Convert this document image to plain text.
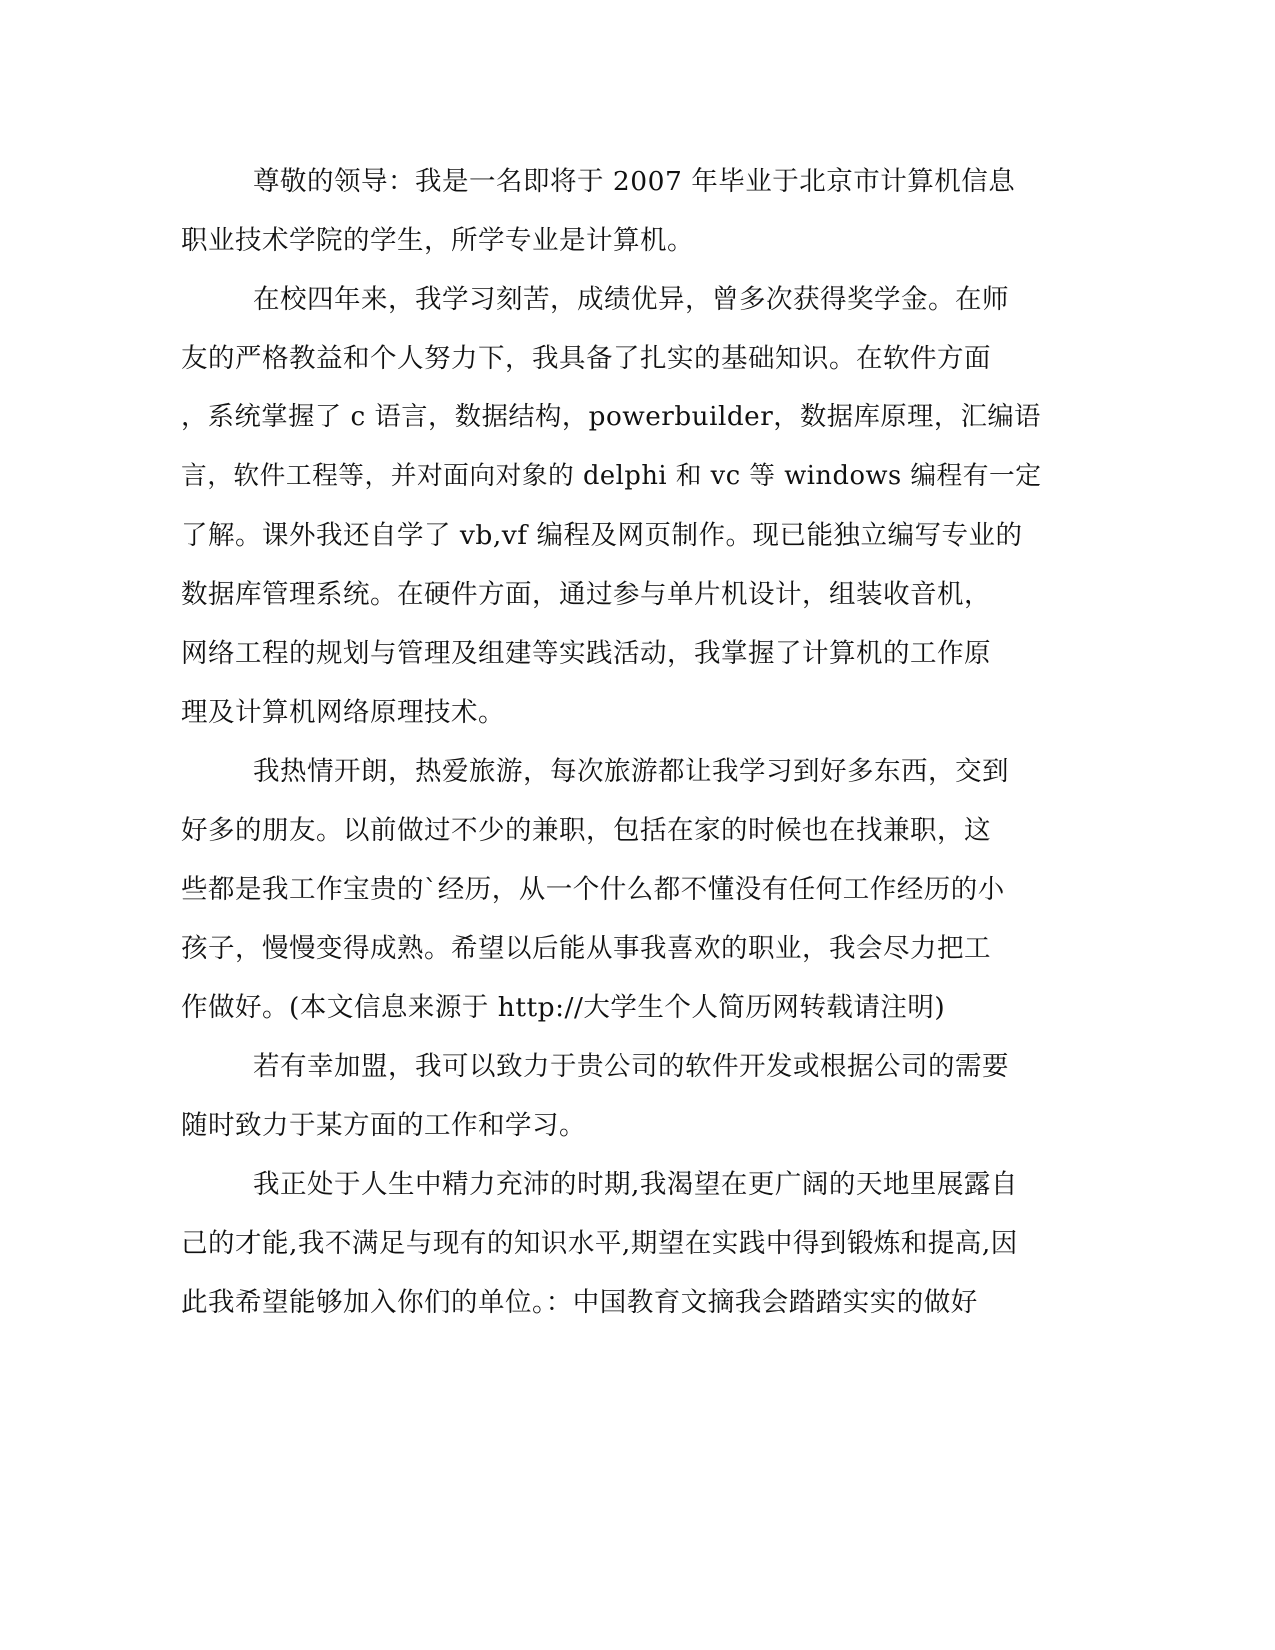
尊敬的领导：我是一名即将于 2007 年毕业于北京市计算机信息
职业技术学院的学生，所学专业是计算机。
在校四年来，我学习刻苦，成绩优异，曾多次获得奖学金。在师
友的严格教益和个人努力下，我具备了扎实的基础知识。在软件方面
，系统掌握了 c 语言，数据结构，powerbuilder，数据库原理，汇编语
言，软件工程等，并对面向对象的 delphi 和 vc 等 windows 编程有一定
了解。课外我还自学了 vb,vf 编程及网页制作。现已能独立编写专业的
数据库管理系统。在硬件方面，通过参与单片机设计，组装收音机，
网络工程的规划与管理及组建等实践活动，我掌握了计算机的工作原
理及计算机网络原理技术。
我热情开朗，热爱旅游，每次旅游都让我学习到好多东西，交到
好多的朋友。以前做过不少的兼职，包括在家的时候也在找兼职，这
些都是我工作宝贵的`经历，从一个什么都不懂没有任何工作经历的小
孩子，慢慢变得成熟。希望以后能从事我喜欢的职业，我会尽力把工
作做好。(本文信息来源于 http://大学生个人简历网转载请注明)
若有幸加盟，我可以致力于贵公司的软件开发或根据公司的需要
随时致力于某方面的工作和学习。
我正处于人生中精力充沛的时期,我渴望在更广阔的天地里展露自
己的才能,我不满足与现有的知识水平,期望在实践中得到锻炼和提高,因
此我希望能够加入你们的单位。：中国教育文摘我会踏踏实实的做好
